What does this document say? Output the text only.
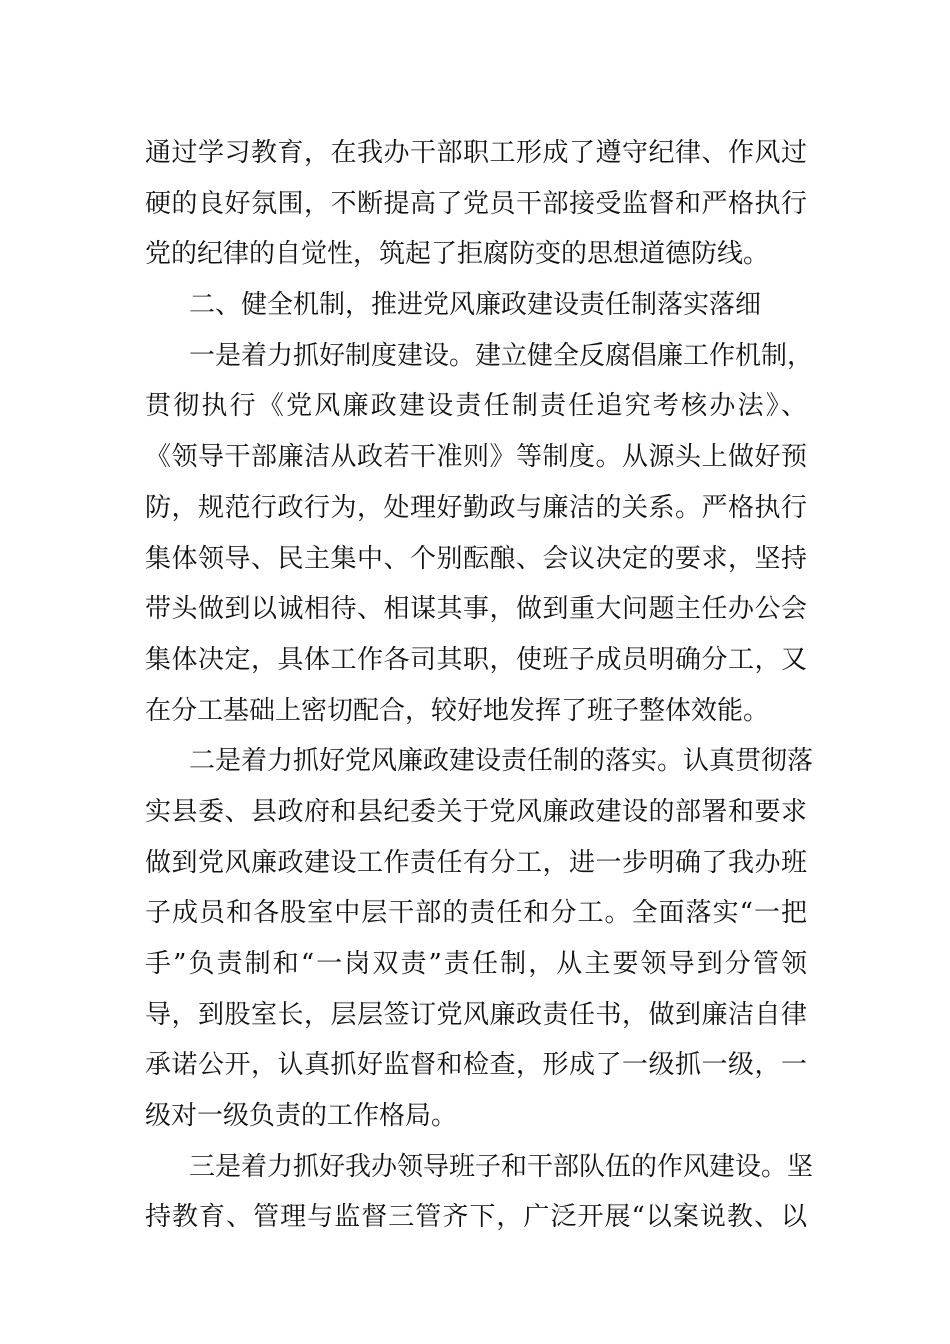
通过学习教育，在我办干部职工形成了遵守纪律、作风过
硬的良好氛围，不断提高了党员干部接受监督和严格执行
党的纪律的自觉性，筑起了拒腐防变的思想道德防线。
二、健全机制，推进党风廉政建设责任制落实落细
一是着力抓好制度建设。建立健全反腐倡廉工作机制，
贯彻执行《党风廉政建设责任制责任追究考核办法》、
《领导干部廉洁从政若干准则》等制度。从源头上做好预
防，规范行政行为，处理好勤政与廉洁的关系。严格执行
集体领导、民主集中、个别酝酿、会议决定的要求，坚持
带头做到以诚相待、相谋其事，做到重大问题主任办公会
集体决定，具体工作各司其职，使班子成员明确分工，又
在分工基础上密切配合，较好地发挥了班子整体效能。
二是着力抓好党风廉政建设责任制的落实。认真贯彻落
实县委、县政府和县纪委关于党风廉政建设的部署和要求
做到党风廉政建设工作责任有分工，进一步明确了我办班
子成员和各股室中层干部的责任和分工。全面落实“一把
手”负责制和“一岗双责”责任制，从主要领导到分管领
导，到股室长，层层签订党风廉政责任书，做到廉洁自律
承诺公开，认真抓好监督和检查，形成了一级抓一级，一
级对一级负责的工作格局。
三是着力抓好我办领导班子和干部队伍的作风建设。坚
持教育、管理与监督三管齐下，广泛开展“以案说教、以
